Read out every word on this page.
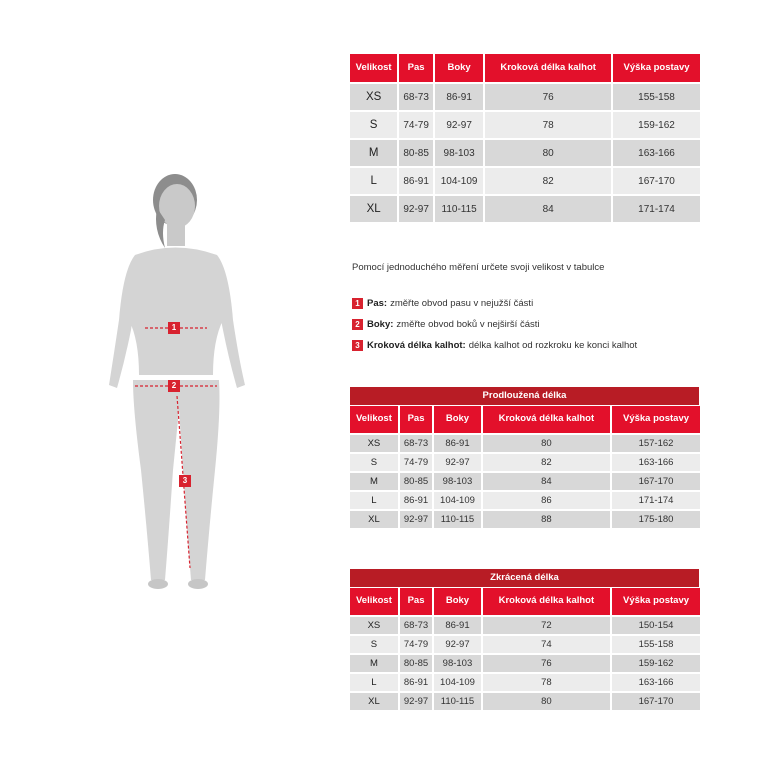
1
2
3
Velikost	Pas	Boky	Kroková délka kalhot	Výška postavy
XS	68-73	86-91	76	155-158
S	74-79	92-97	78	159-162
M	80-85	98-103	80	163-166
L	86-91	104-109	82	167-170
XL	92-97	110-115	84	171-174
Pomocí jednoduchého měření určete svoji velikost v tabulce
1 Pas: změřte obvod pasu v nejužší části
2 Boky: změřte obvod boků v nejširší části
3 Kroková délka kalhot: délka kalhot od rozkroku ke konci kalhot
Prodloužená délka
Velikost	Pas	Boky	Kroková délka kalhot	Výška postavy
XS	68-73	86-91	80	157-162
S	74-79	92-97	82	163-166
M	80-85	98-103	84	167-170
L	86-91	104-109	86	171-174
XL	92-97	110-115	88	175-180
Zkrácená délka
Velikost	Pas	Boky	Kroková délka kalhot	Výška postavy
XS	68-73	86-91	72	150-154
S	74-79	92-97	74	155-158
M	80-85	98-103	76	159-162
L	86-91	104-109	78	163-166
XL	92-97	110-115	80	167-170
